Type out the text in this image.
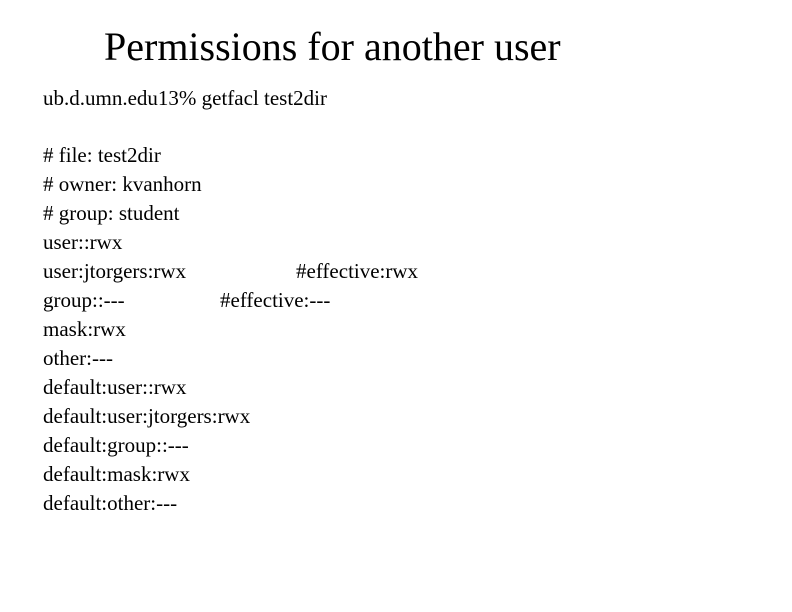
Permissions for another user
ub.d.umn.edu13% getfacl test2dir
# file: test2dir
# owner: kvanhorn
# group: student
user::rwx
user:jtorgers:rwx	#effective:rwx
group::---	#effective:---
mask:rwx
other:---
default:user::rwx
default:user:jtorgers:rwx
default:group::---
default:mask:rwx
default:other:---
